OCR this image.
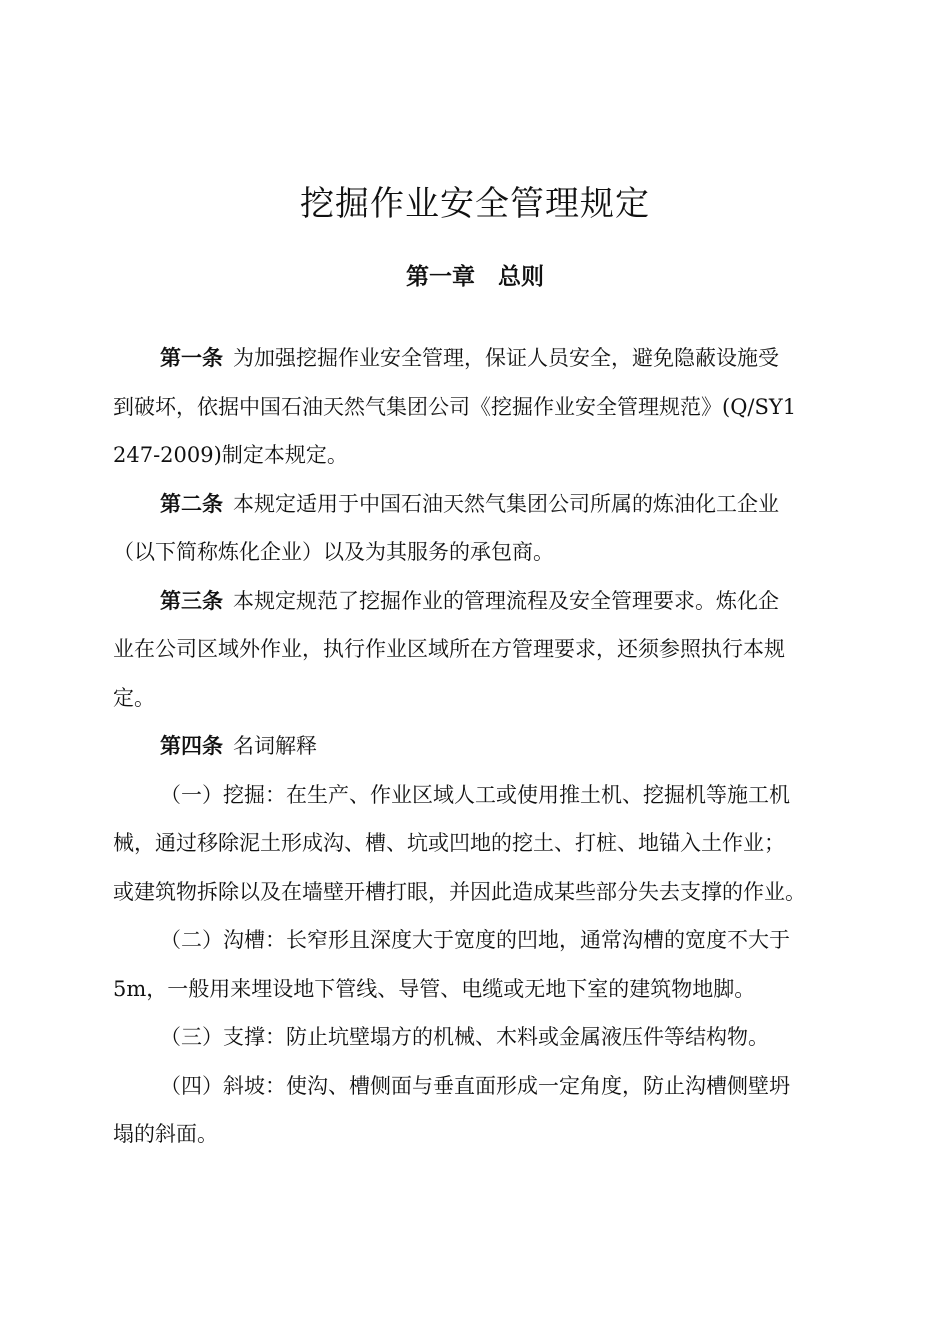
挖掘作业安全管理规定
第一章　总则
第一条 为加强挖掘作业安全管理，保证人员安全，避免隐蔽设施受
到破坏，依据中国石油天然气集团公司《挖掘作业安全管理规范》(Q/SY1
247-2009)制定本规定。
第二条 本规定适用于中国石油天然气集团公司所属的炼油化工企业
（以下简称炼化企业）以及为其服务的承包商。
第三条 本规定规范了挖掘作业的管理流程及安全管理要求。炼化企
业在公司区域外作业，执行作业区域所在方管理要求，还须参照执行本规
定。
第四条 名词解释
（一）挖掘：在生产、作业区域人工或使用推土机、挖掘机等施工机
械，通过移除泥土形成沟、槽、坑或凹地的挖土、打桩、地锚入土作业；
或建筑物拆除以及在墙壁开槽打眼，并因此造成某些部分失去支撑的作业。
（二）沟槽：长窄形且深度大于宽度的凹地，通常沟槽的宽度不大于
5m，一般用来埋设地下管线、导管、电缆或无地下室的建筑物地脚。
（三）支撑：防止坑壁塌方的机械、木料或金属液压件等结构物。
（四）斜坡：使沟、槽侧面与垂直面形成一定角度，防止沟槽侧壁坍
塌的斜面。
